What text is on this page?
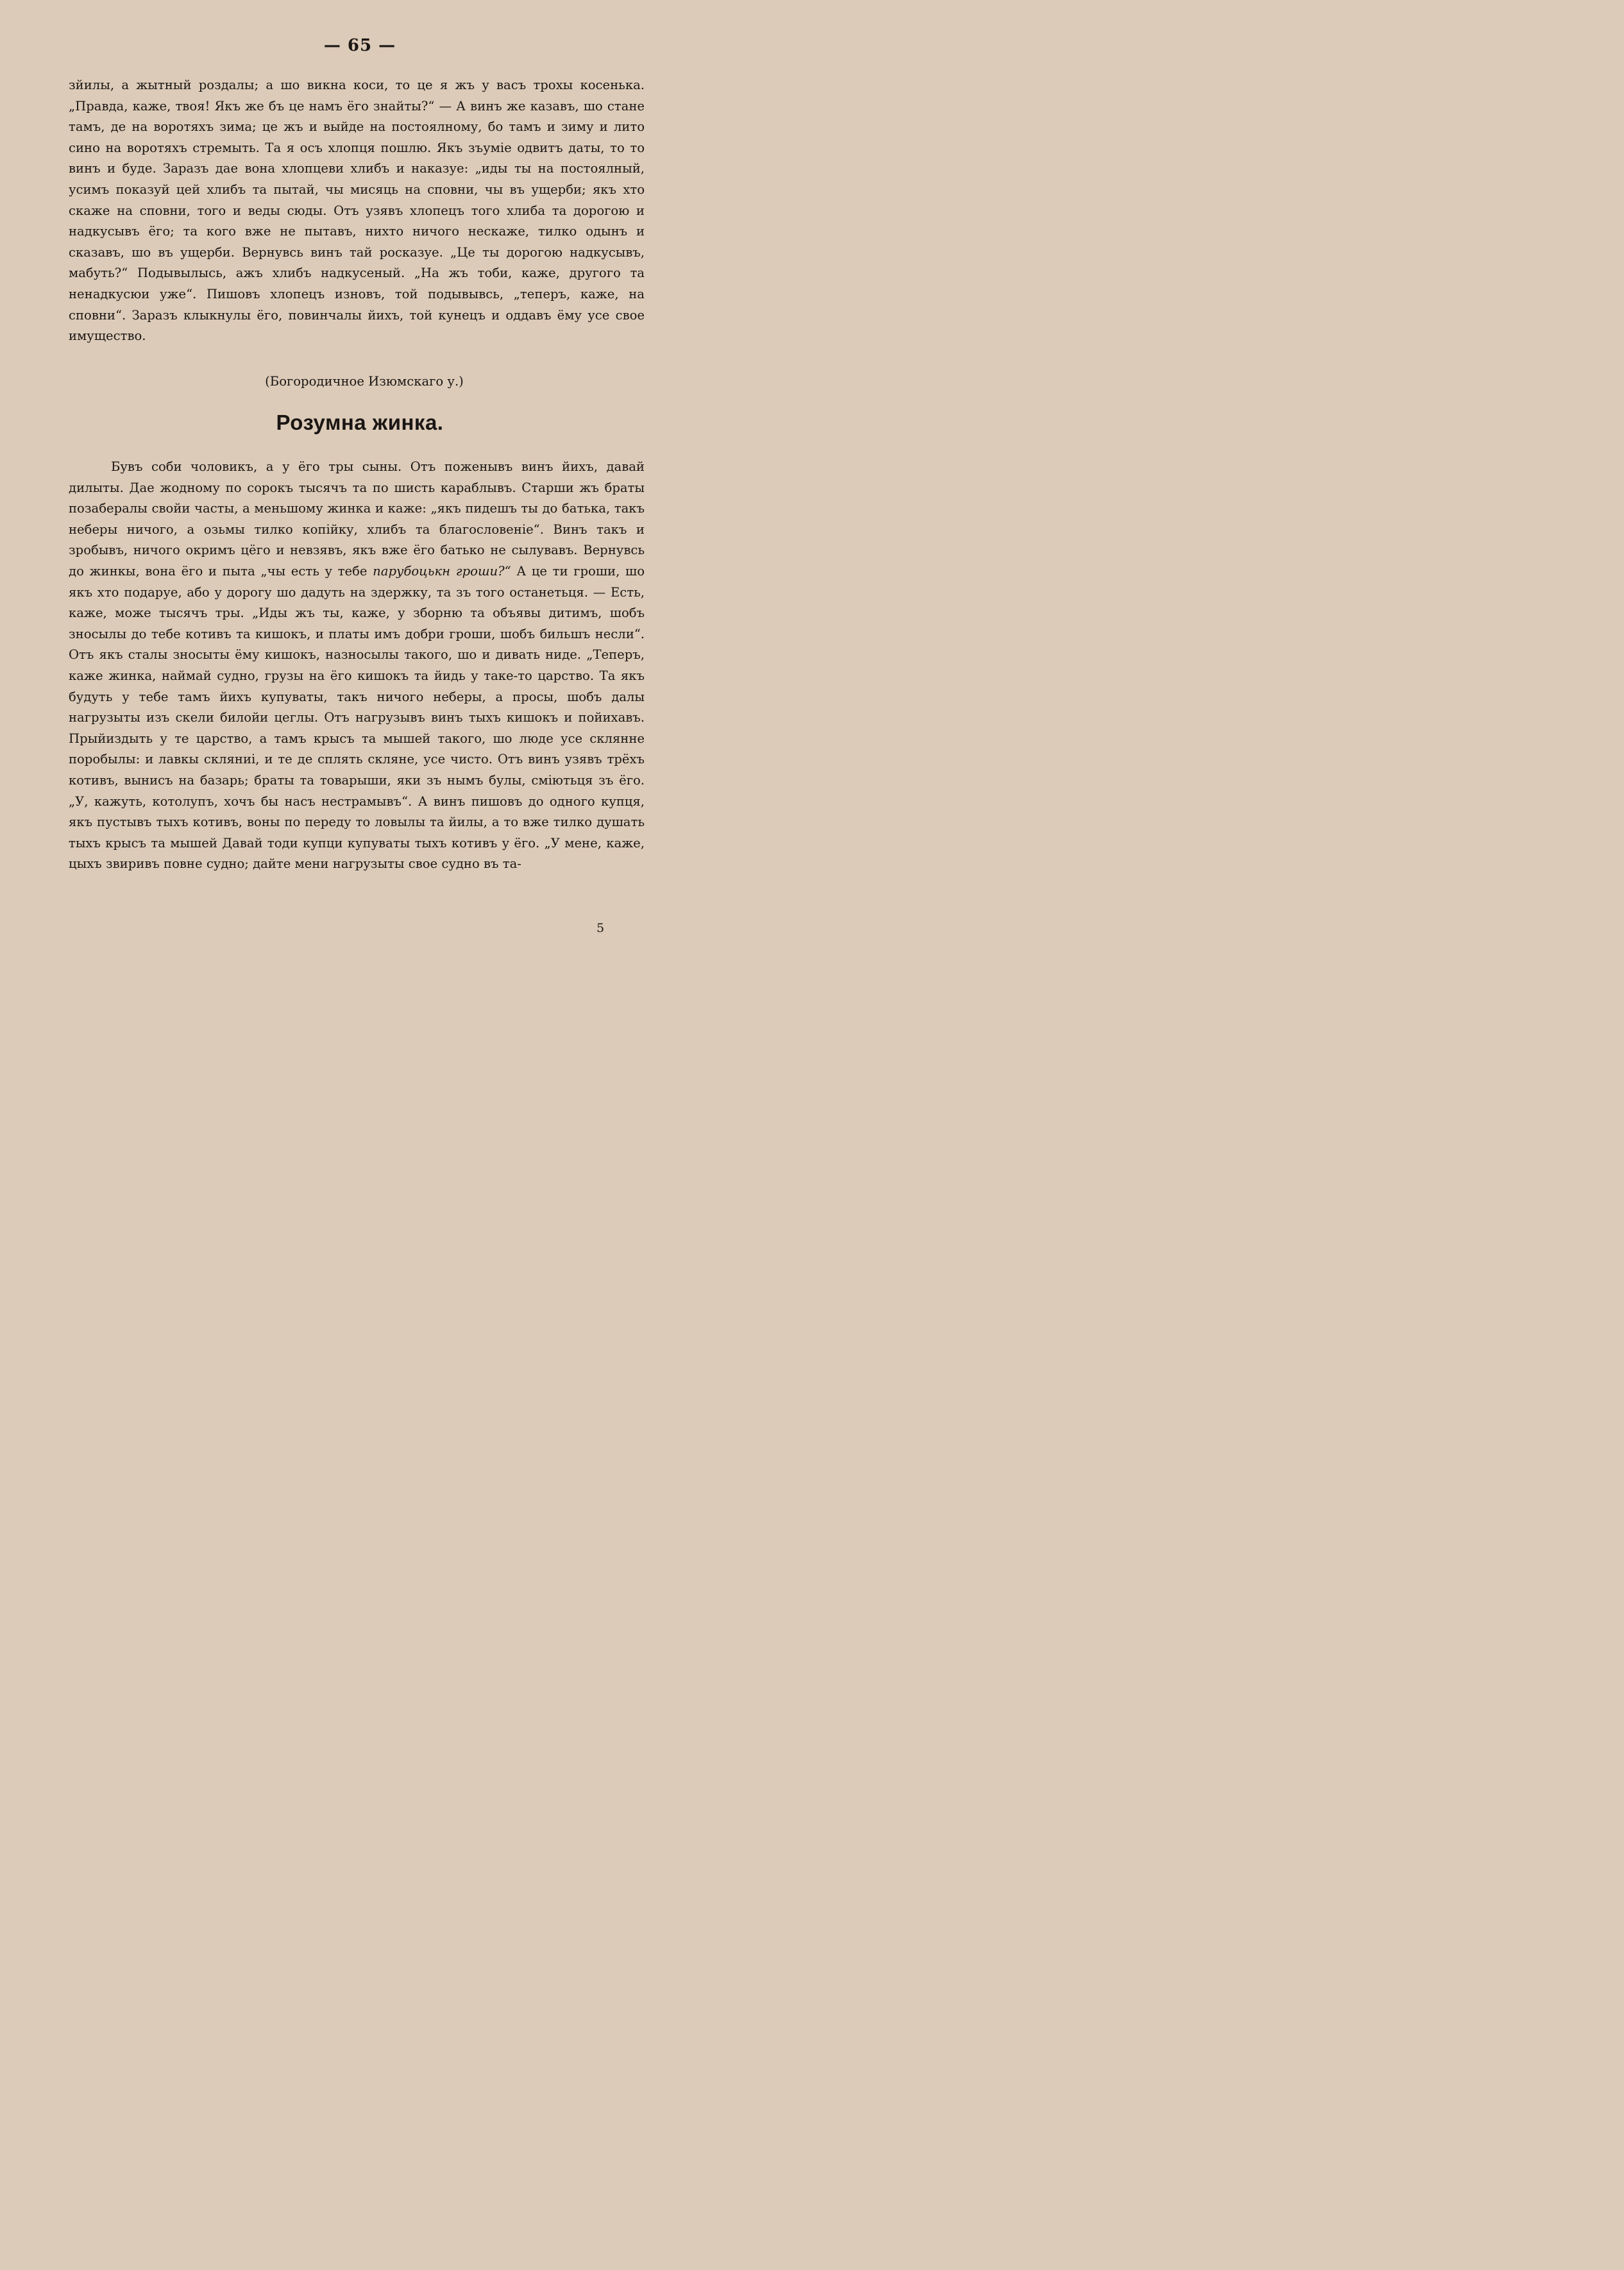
— 65 —

зйилы, а жытный роздалы; а шо викна коси, то це я жъ у васъ трохы косенька. „Правда, каже, твоя! Якъ же бъ це намъ ёго знайты?“ — А винъ же казавъ, шо стане тамъ, де на воротяхъ зима; це жъ и выйде на постоялному, бо тамъ и зиму и лито сино на воротяхъ стремыть. Та я осъ хлопця пошлю. Якъ зъуміе одвитъ даты, то то винъ и буде. Заразъ дае вона хлопцеви хлибъ и наказуе: „иды ты на постоялный, усимъ показуй цей хлибъ та пытай, чы мисяць на сповни, чы въ ущерби; якъ хто скаже на сповни, того и веды сюды. Отъ узявъ хлопецъ того хлиба та дорогою и надкусывъ ёго; та кого вже не пытавъ, нихто ничого нескаже, тилко одынъ и сказавъ, шо въ ущерби. Вернувсь винъ тай росказуе. „Це ты дорогою надкусывъ, мабуть?“ Подывылысь, ажъ хлибъ надкусеный. „На жъ тоби, каже, другого та ненадкусюи уже“. Пишовъ хлопецъ изновъ, той подывывсь, „теперъ, каже, на сповни“. Заразъ клыкнулы ёго, повинчалы йихъ, той кунецъ и oддавъ ёму усе свое имущество.

(Богородичное Изюмскаго у.)
Розумна жинка.

Бувъ соби чоловикъ, а у ёго тры сыны. Отъ поженывъ винъ йихъ, давай дилыты. Дае жодному по сорокъ тысячъ та по шисть караблывъ. Старши жъ браты позабералы свойи часты, а меньшому жинка и каже: „якъ пидешъ ты до батька, такъ неберы ничого, а озьмы тилко копійку, хлибъ та благословеніе“. Винъ такъ и зробывъ, ничого окримъ цёгo и невзявъ, якъ вже ёго батько не сылувавъ. Вернувсь до жинкы, вона ёго и пыта „чы есть у тебе парубоцькн гроши?“ А це ти гроши, шо якъ хто подаруе, або у дорогу шо дадуть на здержку, та зъ того останетьця. — Есть, каже, може тысячъ тры. „Иды жъ ты, каже, у зборню та объявы дитимъ, шобъ зносылы до тебе котивъ та кишокъ, и платы имъ добри гроши, шобъ бильшъ несли“. Отъ якъ сталы зносыты ёму кишокъ, назносылы такого, шо и дивать ниде. „Теперъ, каже жинка, наймай судно, грузы на ёго кишокъ та йидь у таке-то царство. Та якъ будуть у тебе тамъ йихъ купуваты, такъ ничого неберы, а просы, шобъ далы нагрузыты изъ скели билойи цеглы. Отъ нагрузывъ винъ тыхъ кишокъ и пойихавъ. Прыйиздыть у те царство, а тамъ крысъ та мышей такого, шо люде усе склянне поробылы: и лавкы скляниі, и те де сплять скляне, усе чисто. Отъ винъ узявъ трёхъ котивъ, вынисъ на базарь; браты та товарыши, яки зъ нымъ булы, сміютьця зъ ёго. „У, кажуть, котолупъ, хочъ бы насъ нестрамывъ“. А винъ пишовъ до одного купця, якъ пустывъ тыхъ котивъ, воны по переду то ловылы та йилы, а то вже тилко душать тыхъ крысъ та мышей Давай тоди купци купуваты тыхъ котивъ у ёго. „У мене, каже, цыхъ звиривъ повне судно; дайте мени нагрузыты свое судно въ та-

5
